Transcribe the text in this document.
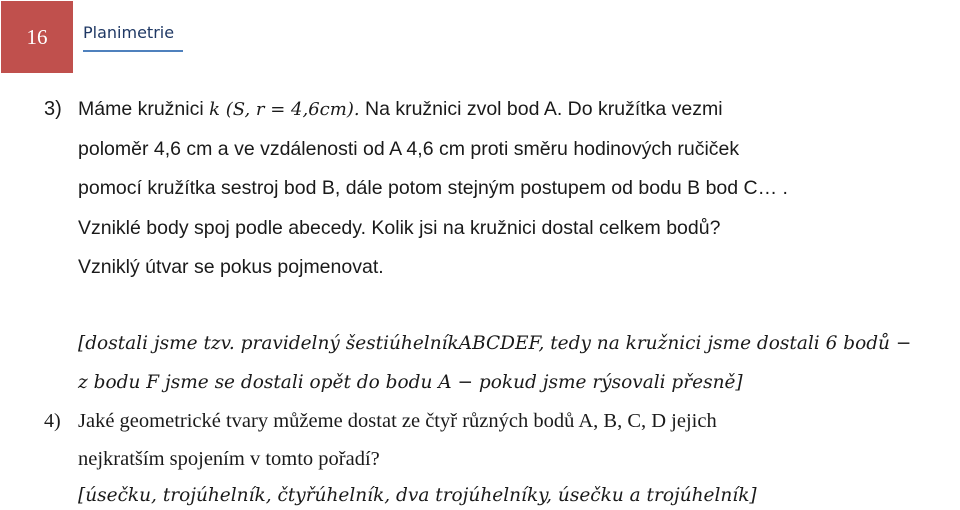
16 Planimetrie
3) Máme kružnici k (S, r = 4,6cm). Na kružnici zvol bod A. Do kružítka vezmi
poloměr 4,6 cm a ve vzdálenosti od A 4,6 cm proti směru hodinových ručiček
pomocí kružítka sestroj bod B, dále potom stejným postupem od bodu B bod C… .
Vzniklé body spoj podle abecedy. Kolik jsi na kružnici dostal celkem bodů?
Vzniklý útvar se pokus pojmenovat.
[dostali jsme tzv. pravidelný šestiúhelníkABCDEF, tedy na kružnici jsme dostali 6 bodů −
z bodu F jsme se dostali opět do bodu A − pokud jsme rýsovali přesně]
4) Jaké geometrické tvary můžeme dostat ze čtyř různých bodů A, B, C, D jejich
nejkratším spojením v tomto pořadí?
[úsečku, trojúhelník, čtyřúhelník, dva trojúhelníky, úsečku a trojúhelník]
